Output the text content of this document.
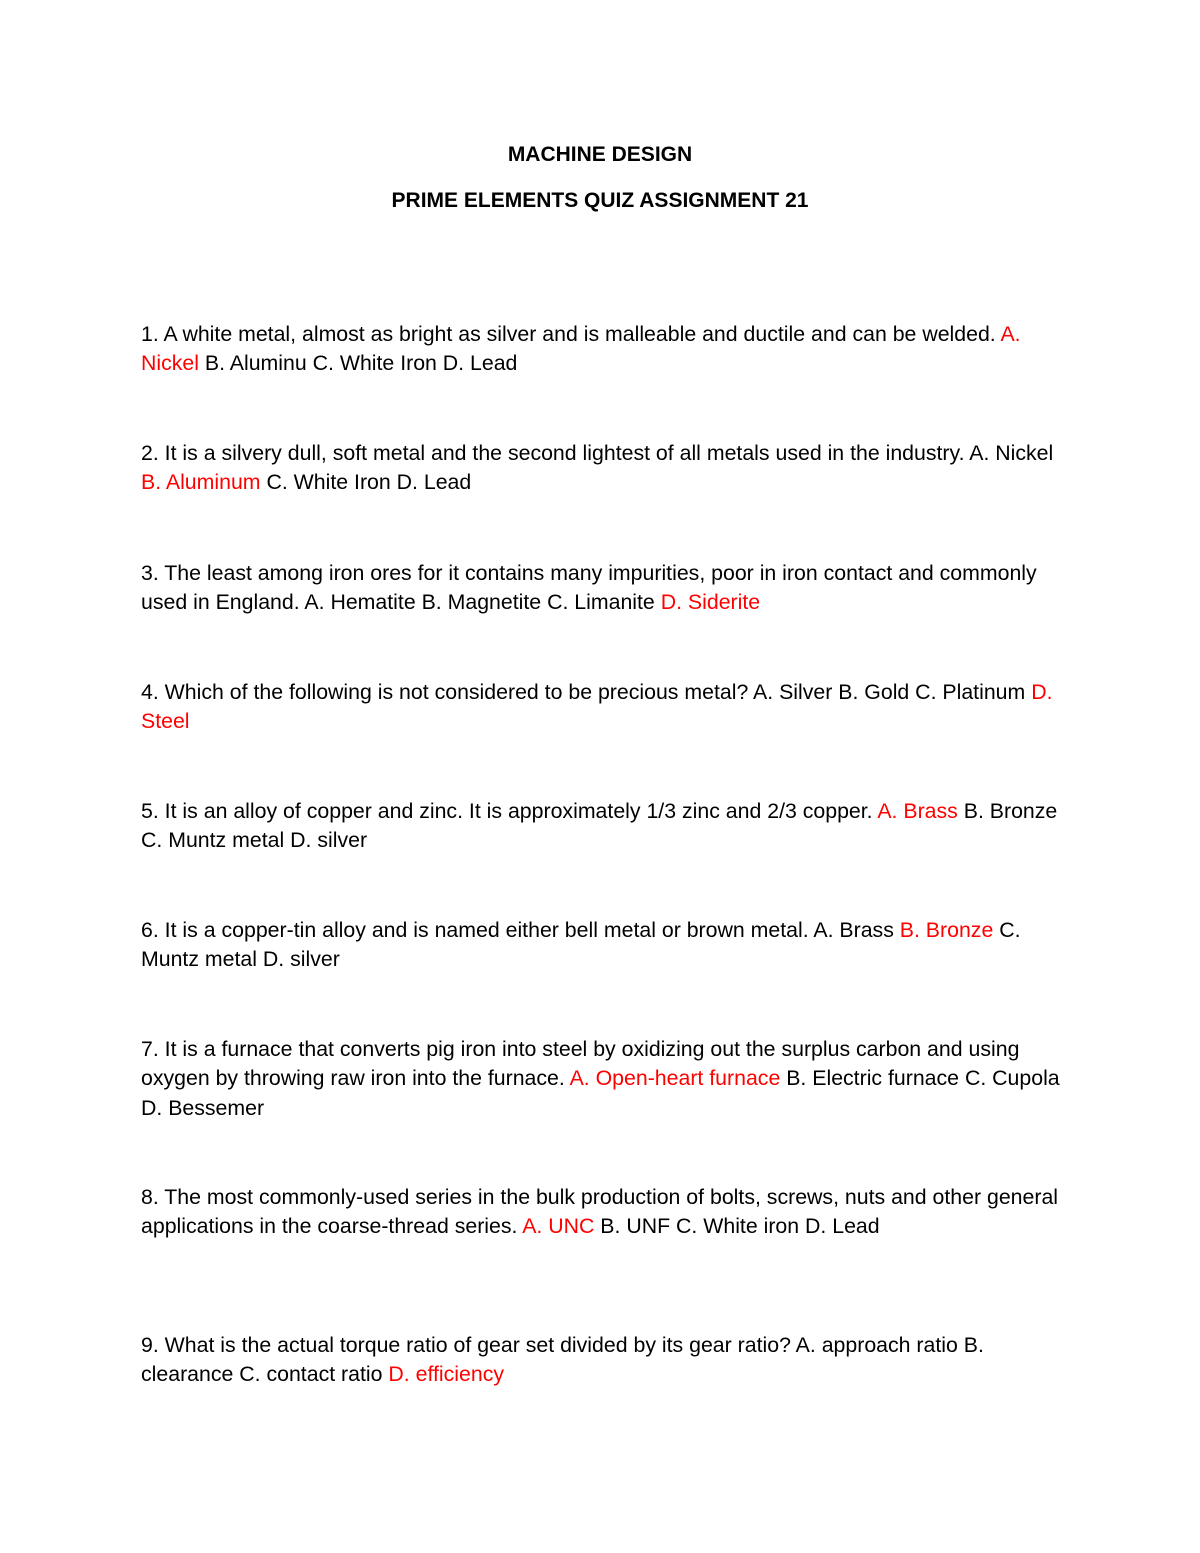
MACHINE DESIGN
PRIME ELEMENTS QUIZ ASSIGNMENT 21

1. A white metal, almost as bright as silver and is malleable and ductile and can be welded. A. Nickel B. Aluminu C. White Iron D. Lead

2. It is a silvery dull, soft metal and the second lightest of all metals used in the industry. A. Nickel B. Aluminum C. White Iron D. Lead

3. The least among iron ores for it contains many impurities, poor in iron contact and commonly used in England. A. Hematite B. Magnetite C. Limanite D. Siderite

4. Which of the following is not considered to be precious metal? A. Silver B. Gold C. Platinum D. Steel

5. It is an alloy of copper and zinc. It is approximately 1/3 zinc and 2/3 copper. A. Brass B. Bronze C. Muntz metal D. silver

6. It is a copper-tin alloy and is named either bell metal or brown metal. A. Brass B. Bronze C. Muntz metal D. silver

7. It is a furnace that converts pig iron into steel by oxidizing out the surplus carbon and using oxygen by throwing raw iron into the furnace. A. Open-heart furnace B. Electric furnace C. Cupola D. Bessemer

8. The most commonly-used series in the bulk production of bolts, screws, nuts and other general applications in the coarse-thread series. A. UNC B. UNF C. White iron D. Lead

9. What is the actual torque ratio of gear set divided by its gear ratio? A. approach ratio B. clearance C. contact ratio D. efficiency
